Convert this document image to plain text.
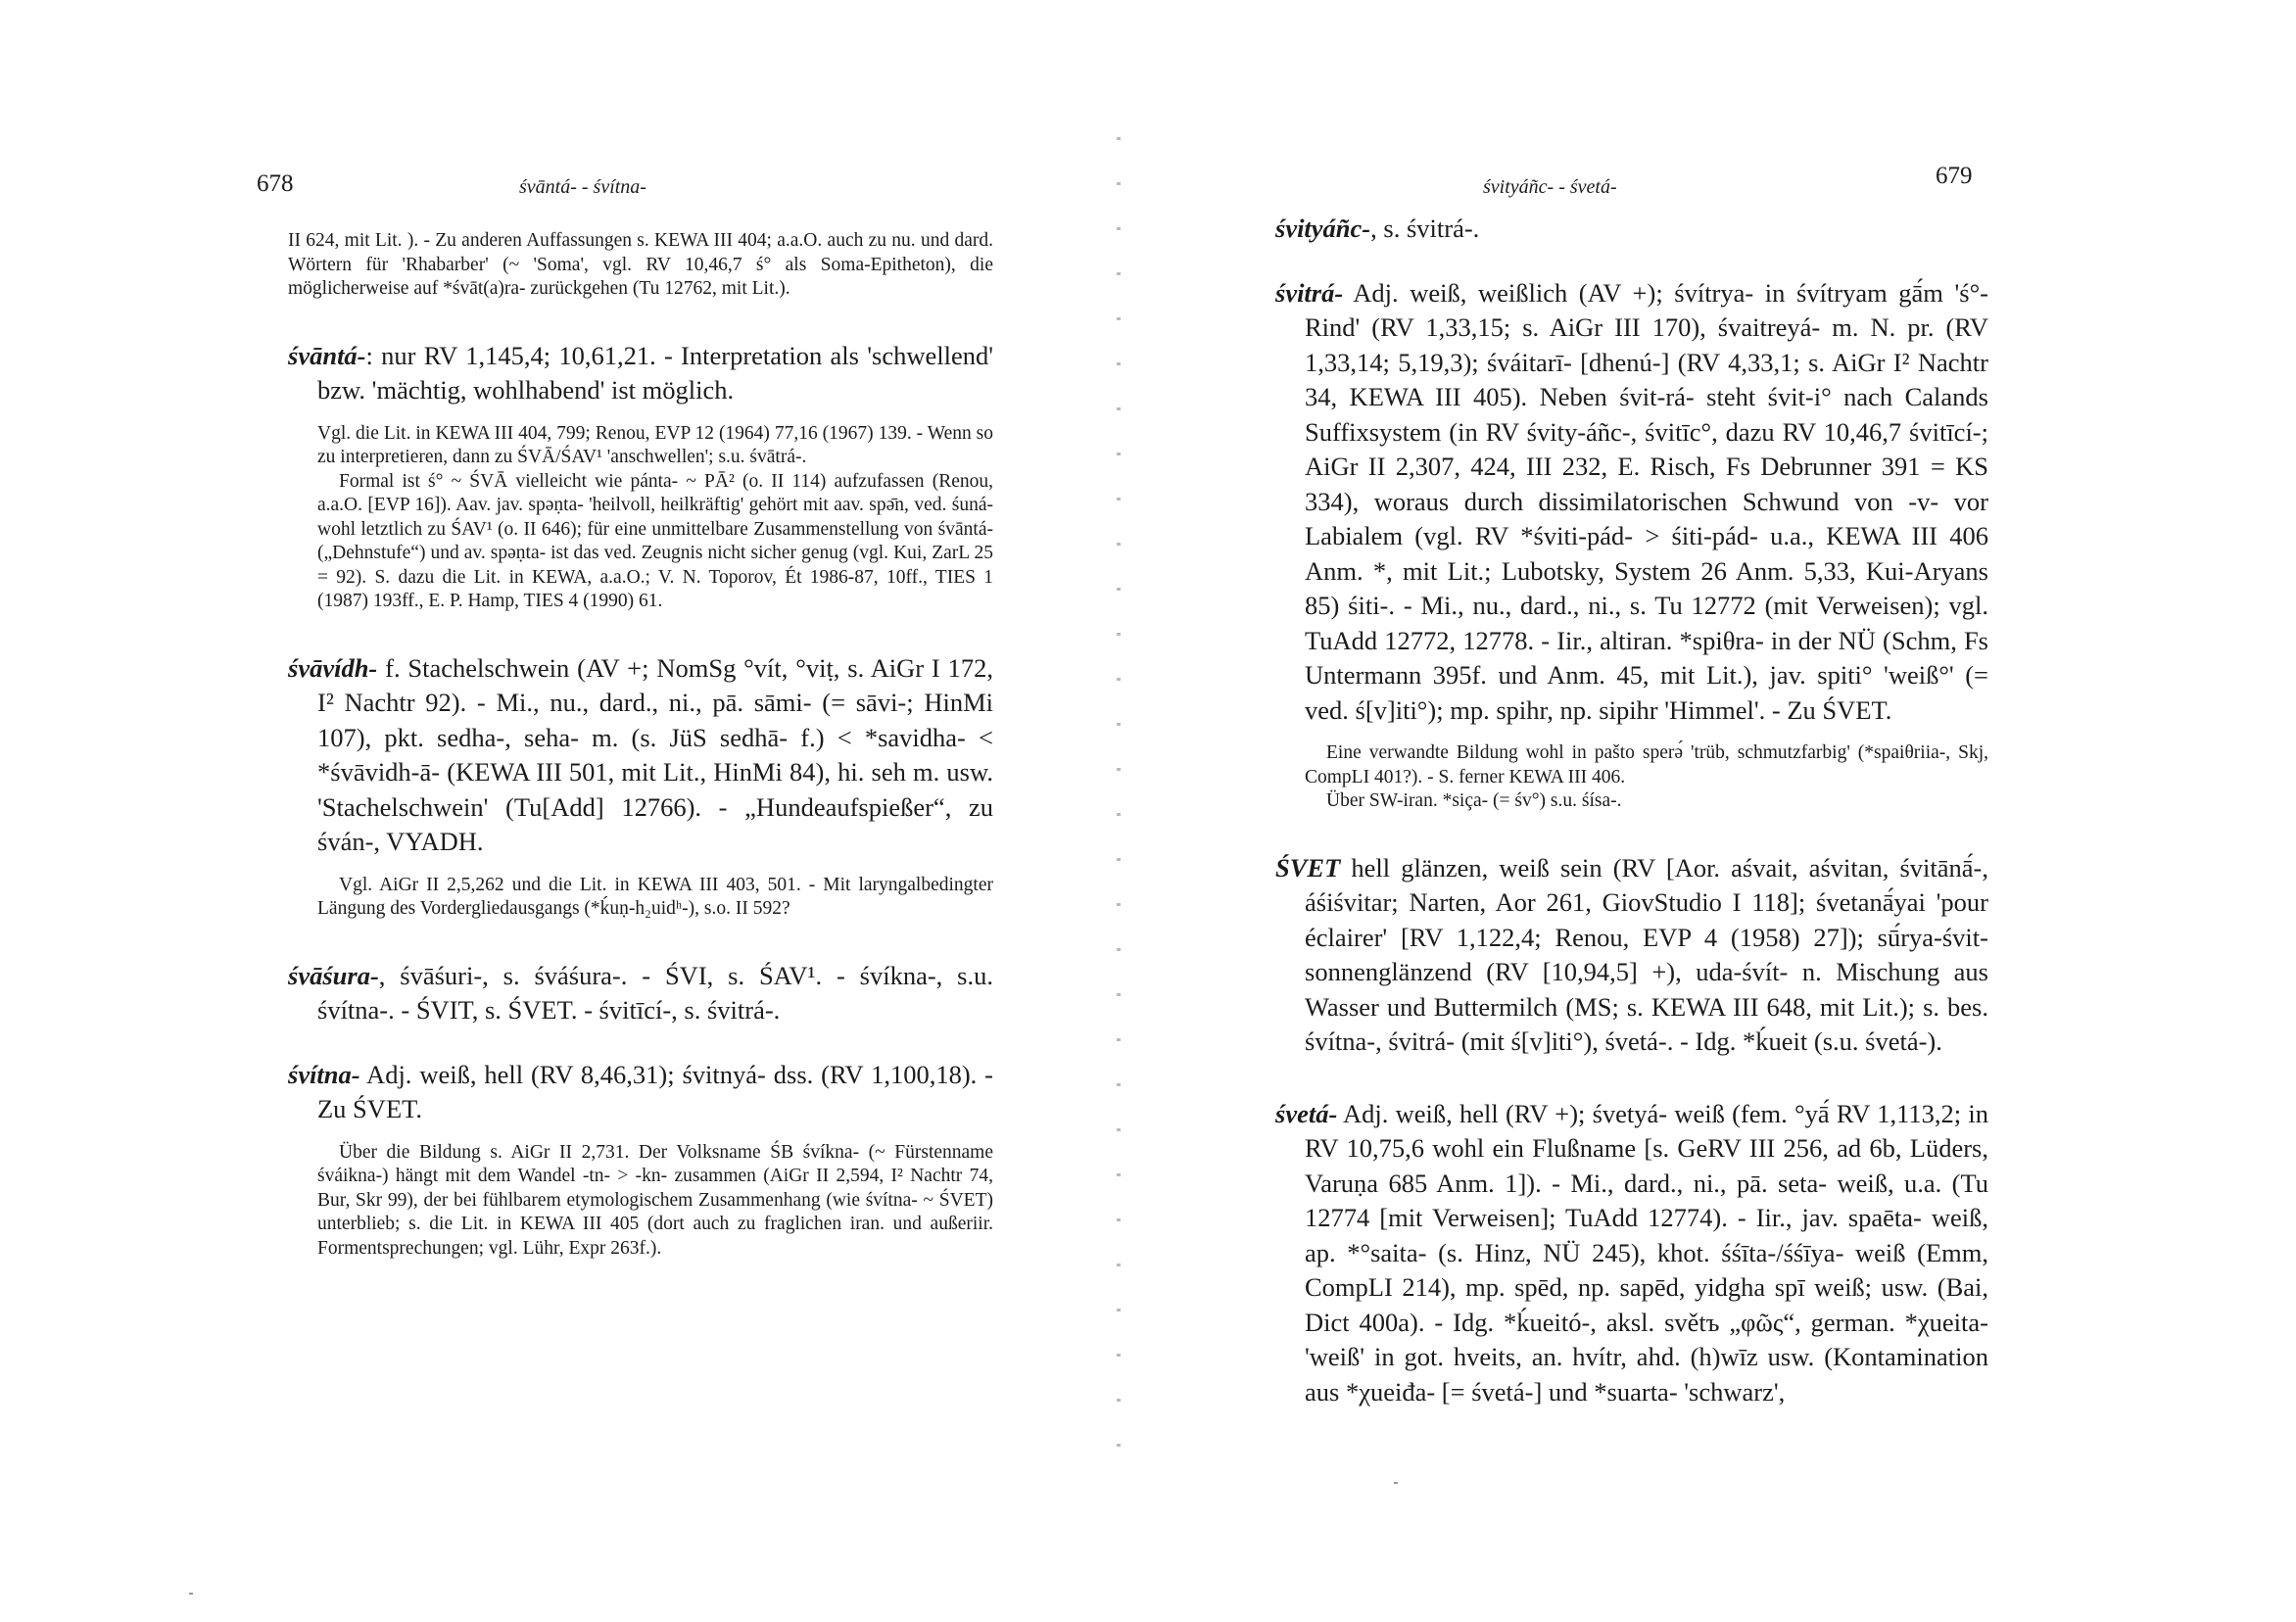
678	śvāntá- - śvítna-

II 624, mit Lit. ). - Zu anderen Auffassungen s. KEWA III 404; a.a.O. auch zu nu. und dard. Wörtern für 'Rhabarber' (~ 'Soma', vgl. RV 10,46,7 ś° als Soma-Epitheton), die möglicherweise auf *śvāt(a)ra- zurückgehen (Tu 12762, mit Lit.).

śvāntá-: nur RV 1,145,4; 10,61,21. - Interpretation als 'schwellend' bzw. 'mächtig, wohlhabend' ist möglich.

Vgl. die Lit. in KEWA III 404, 799; Renou, EVP 12 (1964) 77,16 (1967) 139. - Wenn so zu interpretieren, dann zu ŚVĀ/ŚAV¹ 'anschwellen'; s.u. śvātrá-.

Formal ist ś° ~ ŚVĀ vielleicht wie pánta- ~ PĀ² (o. II 114) aufzufassen (Renou, a.a.O. [EVP 16]). Aav. jav. spəṇta- 'heilvoll, heilkräftig' gehört mit aav. spə̄n, ved. śuná- wohl letztlich zu ŚAV¹ (o. II 646); für eine unmittelbare Zusammenstellung von śvāntá- („Dehnstufe“) und av. spəṇta- ist das ved. Zeugnis nicht sicher genug (vgl. Kui, ZarL 25 = 92). S. dazu die Lit. in KEWA, a.a.O.; V. N. Toporov, Ét 1986-87, 10ff., TIES 1 (1987) 193ff., E. P. Hamp, TIES 4 (1990) 61.

śvāvídh- f. Stachelschwein (AV +; NomSg °vít, °viṭ, s. AiGr I 172, I² Nachtr 92). - Mi., nu., dard., ni., pā. sāmi- (= sāvi-; HinMi 107), pkt. sedha-, seha- m. (s. JüS sedhā- f.) < *savidha- < *śvāvidh-ā- (KEWA III 501, mit Lit., HinMi 84), hi. seh m. usw. 'Stachelschwein' (Tu[Add] 12766). - „Hundeaufspießer“, zu śván-, VYADH.

Vgl. AiGr II 2,5,262 und die Lit. in KEWA III 403, 501. - Mit laryngalbedingter Längung des Vordergliedausgangs (*ḱuṇ-h₂uidʰ-), s.o. II 592?

śvāśura-, śvāśuri-, s. śváśura-. - ŚVI, s. ŚAV¹. - śvíkna-, s.u. śvítna-. - ŚVIT, s. ŚVET. - śvitīcí-, s. śvitrá-.
śvítna- Adj. weiß, hell (RV 8,46,31); śvitnyá- dss. (RV 1,100,18). - Zu ŚVET.

Über die Bildung s. AiGr II 2,731. Der Volksname ŚB śvíkna- (~ Fürstenname śváikna-) hängt mit dem Wandel -tn- > -kn- zusammen (AiGr II 2,594, I² Nachtr 74, Bur, Skr 99), der bei fühlbarem etymologischem Zusammenhang (wie śvítna- ~ ŚVET) unterblieb; s. die Lit. in KEWA III 405 (dort auch zu fraglichen iran. und außeriir. Formentsprechungen; vgl. Lühr, Expr 263f.).

śvityáñc- - śvetá-	679
śvityáñc-, s. śvitrá-.
śvitrá- Adj. weiß, weißlich (AV +); śvítrya- in śvítryam gā́m 'ś°-Rind' (RV 1,33,15; s. AiGr III 170), śvaitreyá- m. N. pr. (RV 1,33,14; 5,19,3); śváitarī- [dhenú-] (RV 4,33,1; s. AiGr I² Nachtr 34, KEWA III 405). Neben śvit-rá- steht śvit-i° nach Calands Suffixsystem (in RV śvity-áñc-, śvitīc°, dazu RV 10,46,7 śvitīcí-; AiGr II 2,307, 424, III 232, E. Risch, Fs Debrunner 391 = KS 334), woraus durch dissimilatorischen Schwund von -v- vor Labialem (vgl. RV *śviti-pád- > śiti-pád- u.a., KEWA III 406 Anm. *, mit Lit.; Lubotsky, System 26 Anm. 5,33, Kui-Aryans 85) śiti-. - Mi., nu., dard., ni., s. Tu 12772 (mit Verweisen); vgl. TuAdd 12772, 12778. - Iir., altiran. *spiθra- in der NÜ (Schm, Fs Untermann 395f. und Anm. 45, mit Lit.), jav. spiti° 'weiß°' (= ved. ś[v]iti°); mp. spihr, np. sipihr 'Himmel'. - Zu ŚVET.

Eine verwandte Bildung wohl in pašto sperə́ 'trüb, schmutzfarbig' (*spaiθriia-, Skj, CompLI 401?). - S. ferner KEWA III 406.

Über SW-iran. *siça- (= śv°) s.u. śísa-.

ŚVET hell glänzen, weiß sein (RV [Aor. aśvait, aśvitan, śvitānā́-, áśiśvitar; Narten, Aor 261, GiovStudio I 118]; śvetanā́yai 'pour éclairer' [RV 1,122,4; Renou, EVP 4 (1958) 27]); sū́rya-śvit- sonnenglänzend (RV [10,94,5] +), uda-śvít- n. Mischung aus Wasser und Buttermilch (MS; s. KEWA III 648, mit Lit.); s. bes. śvítna-, śvitrá- (mit ś[v]iti°), śvetá-. - Idg. *ḱueit (s.u. śvetá-).
śvetá- Adj. weiß, hell (RV +); śvetyá- weiß (fem. °yā́ RV 1,113,2; in RV 10,75,6 wohl ein Flußname [s. GeRV III 256, ad 6b, Lüders, Varuṇa 685 Anm. 1]). - Mi., dard., ni., pā. seta- weiß, u.a. (Tu 12774 [mit Verweisen]; TuAdd 12774). - Iir., jav. spaēta- weiß, ap. *°saita- (s. Hinz, NÜ 245), khot. śśīta-/śśīya- weiß (Emm, CompLI 214), mp. spēd, np. sapēd, yidgha spī weiß; usw. (Bai, Dict 400a). - Idg. *ḱueitó-, aksl. světъ „φῶς“, german. *χueita- 'weiß' in got. hveits, an. hvítr, ahd. (h)wīz usw. (Kontamination aus *χueiđa- [= śvetá-] und *suarta- 'schwarz',
